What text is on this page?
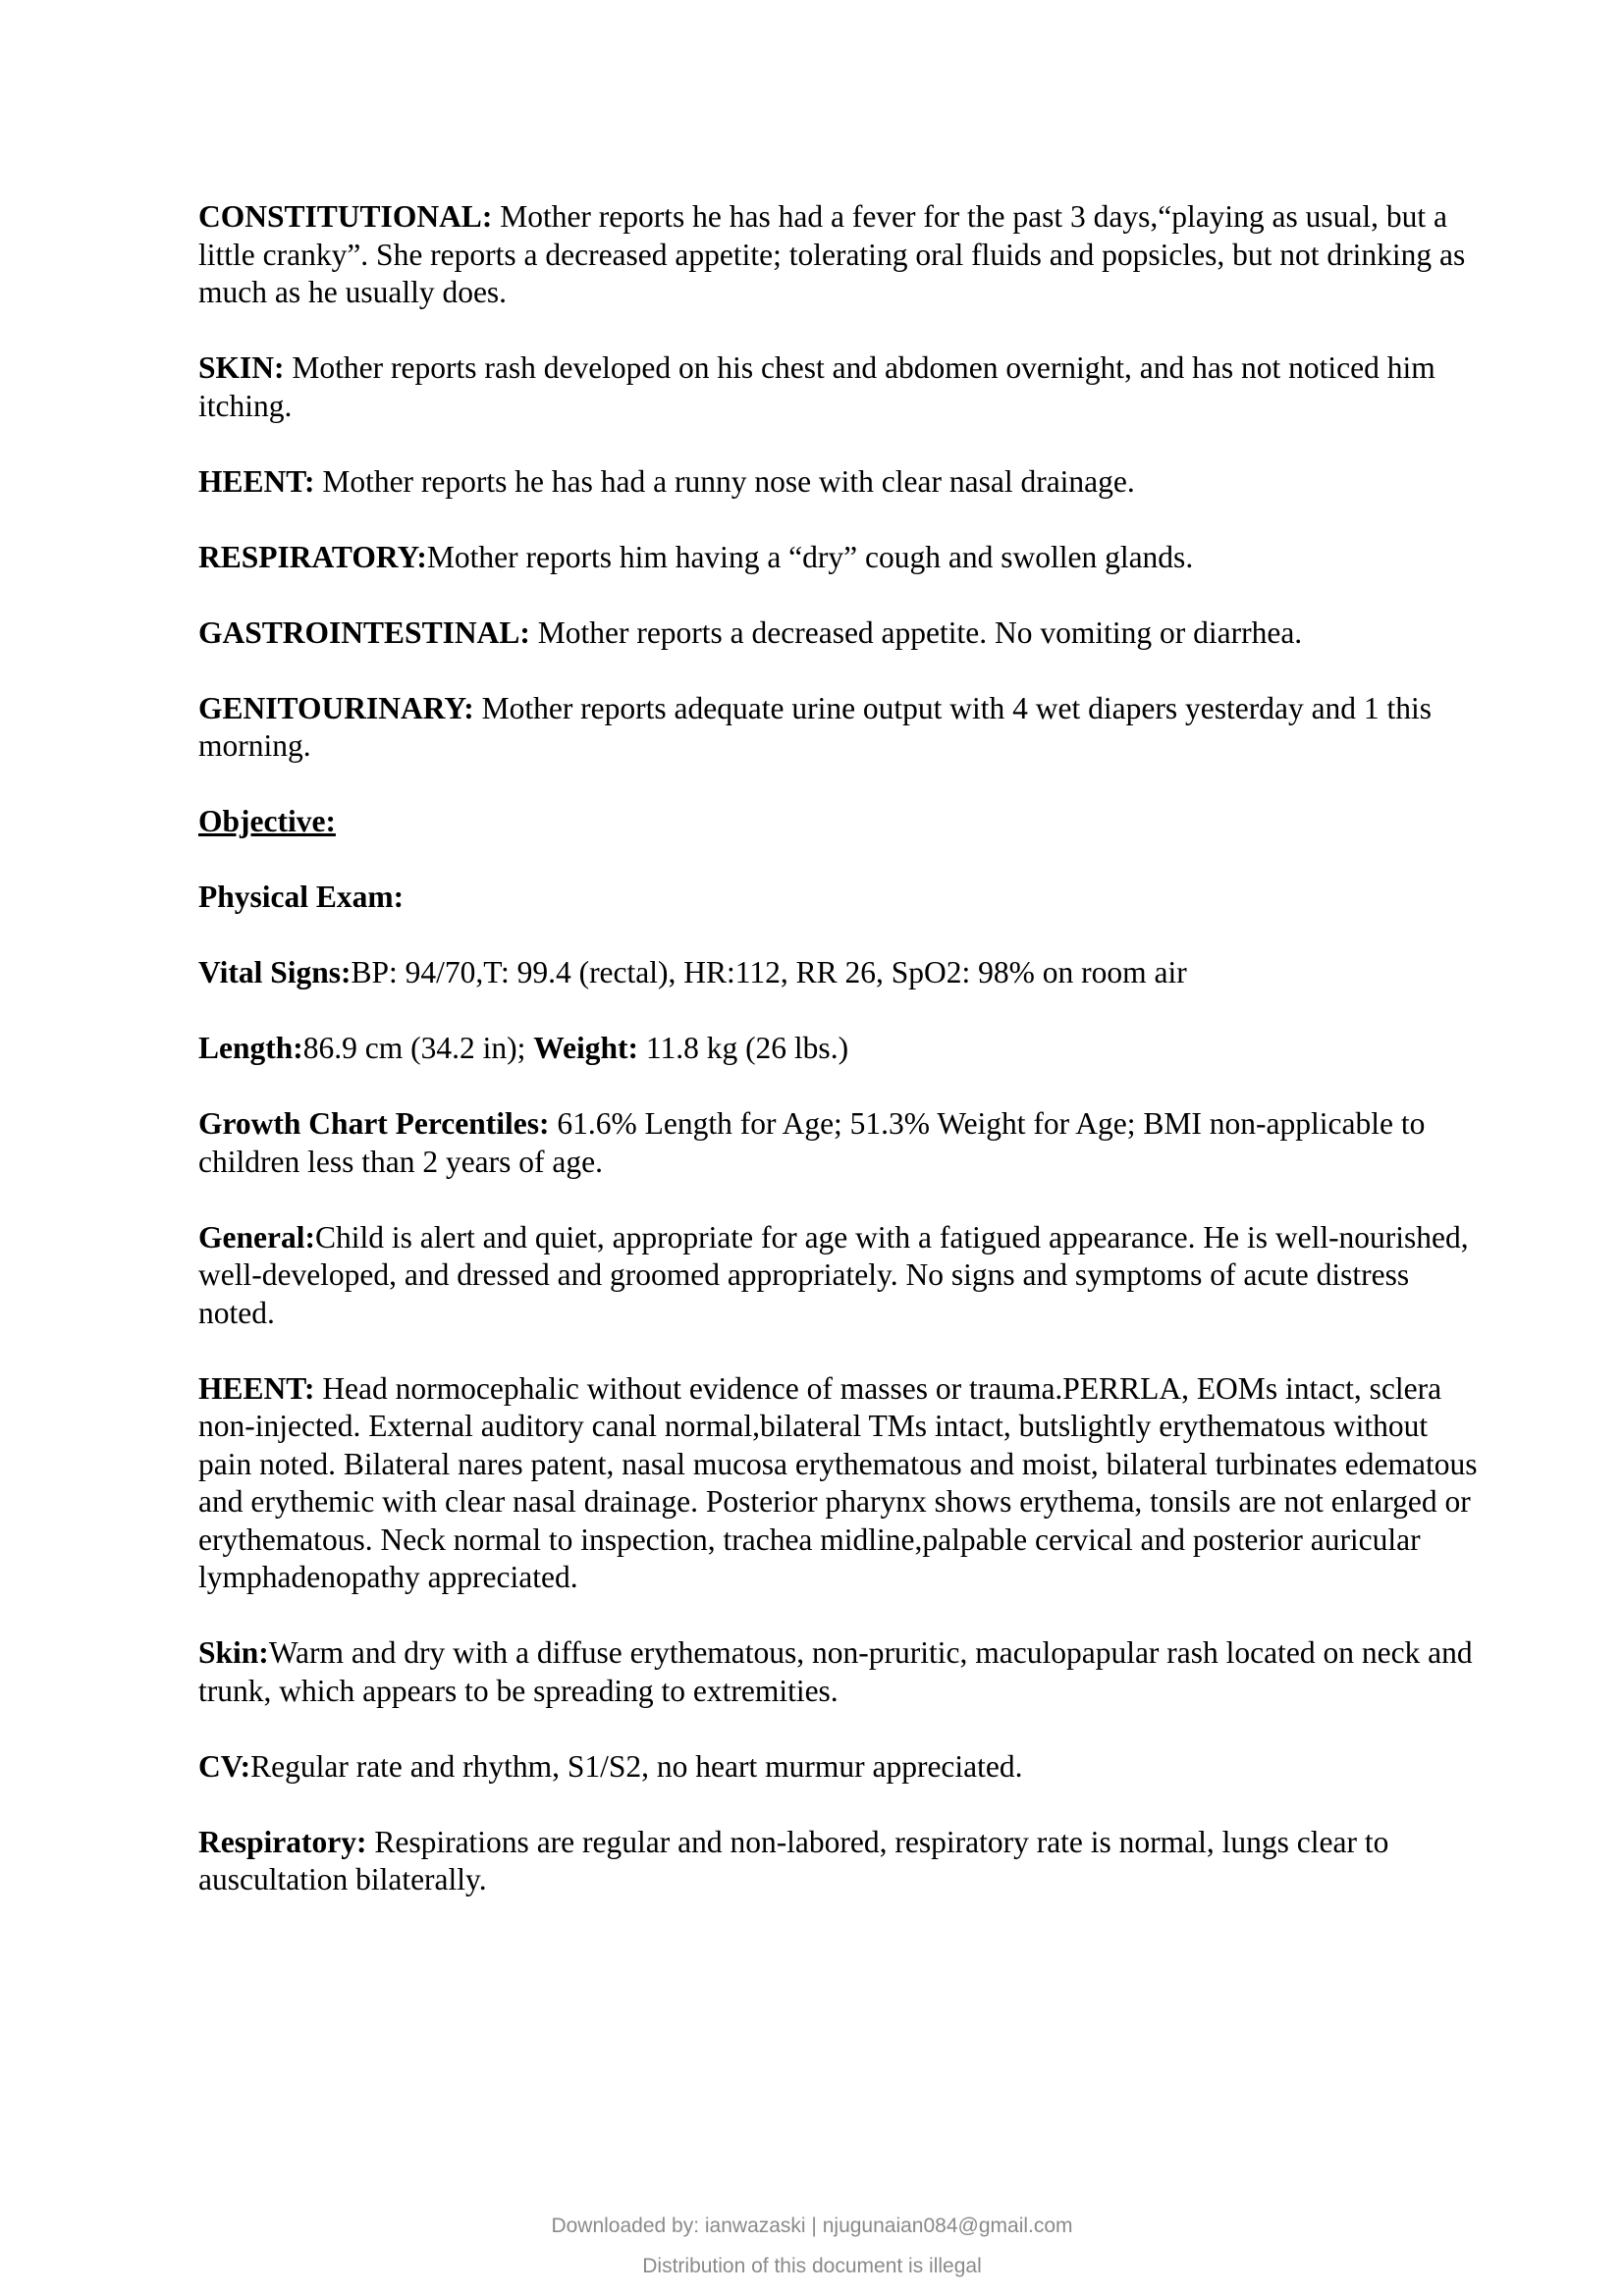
CONSTITUTIONAL: Mother reports he has had a fever for the past 3 days,“playing as usual, but a little cranky”. She reports a decreased appetite; tolerating oral fluids and popsicles, but not drinking as much as he usually does.

SKIN: Mother reports rash developed on his chest and abdomen overnight, and has not noticed him itching.

HEENT: Mother reports he has had a runny nose with clear nasal drainage.

RESPIRATORY:Mother reports him having a “dry” cough and swollen glands.

GASTROINTESTINAL: Mother reports a decreased appetite. No vomiting or diarrhea.

GENITOURINARY: Mother reports adequate urine output with 4 wet diapers yesterday and 1 this morning.

Objective:

Physical Exam:

Vital Signs:BP: 94/70,T: 99.4 (rectal), HR:112, RR 26, SpO2: 98% on room air

Length:86.9 cm (34.2 in); Weight: 11.8 kg (26 lbs.)

Growth Chart Percentiles: 61.6% Length for Age; 51.3% Weight for Age; BMI non-applicable to children less than 2 years of age.

General:Child is alert and quiet, appropriate for age with a fatigued appearance. He is well-nourished, well-developed, and dressed and groomed appropriately. No signs and symptoms of acute distress noted.

HEENT: Head normocephalic without evidence of masses or trauma.PERRLA, EOMs intact, sclera non-injected. External auditory canal normal,bilateral TMs intact, butslightly erythematous without pain noted. Bilateral nares patent, nasal mucosa erythematous and moist, bilateral turbinates edematous and erythemic with clear nasal drainage. Posterior pharynx shows erythema, tonsils are not enlarged or erythematous. Neck normal to inspection, trachea midline,palpable cervical and posterior auricular lymphadenopathy appreciated.

Skin:Warm and dry with a diffuse erythematous, non-pruritic, maculopapular rash located on neck and trunk, which appears to be spreading to extremities.

CV:Regular rate and rhythm, S1/S2, no heart murmur appreciated.

Respiratory: Respirations are regular and non-labored, respiratory rate is normal, lungs clear to auscultation bilaterally.

Downloaded by: ianwazaski | njugunaian084@gmail.com
Distribution of this document is illegal
